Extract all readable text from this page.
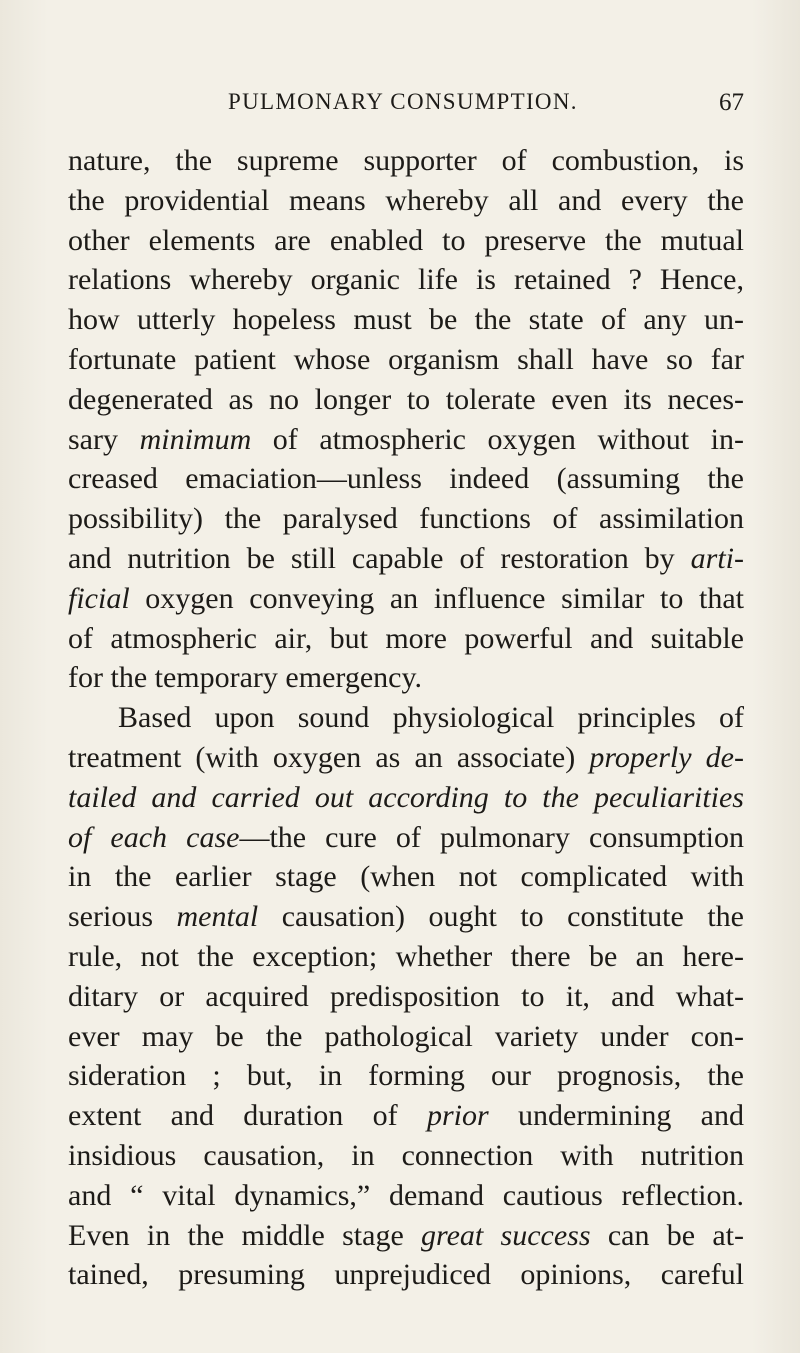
PULMONARY CONSUMPTION.	67
nature, the supreme supporter of combustion, is
the providential means whereby all and every the
other elements are enabled to preserve the mutual
relations whereby organic life is retained ? Hence,
how utterly hopeless must be the state of any un-
fortunate patient whose organism shall have so far
degenerated as no longer to tolerate even its neces-
sary minimum of atmospheric oxygen without in-
creased emaciation—unless indeed (assuming the
possibility) the paralysed functions of assimilation
and nutrition be still capable of restoration by arti-
ficial oxygen conveying an influence similar to that
of atmospheric air, but more powerful and suitable
for the temporary emergency.
Based upon sound physiological principles of
treatment (with oxygen as an associate) properly de-
tailed and carried out according to the peculiarities
of each case—the cure of pulmonary consumption
in the earlier stage (when not complicated with
serious mental causation) ought to constitute the
rule, not the exception; whether there be an here-
ditary or acquired predisposition to it, and what-
ever may be the pathological variety under con-
sideration ; but, in forming our prognosis, the
extent and duration of prior undermining and
insidious causation, in connection with nutrition
and “ vital dynamics,” demand cautious reflection.
Even in the middle stage great success can be at-
tained, presuming unprejudiced opinions, careful
